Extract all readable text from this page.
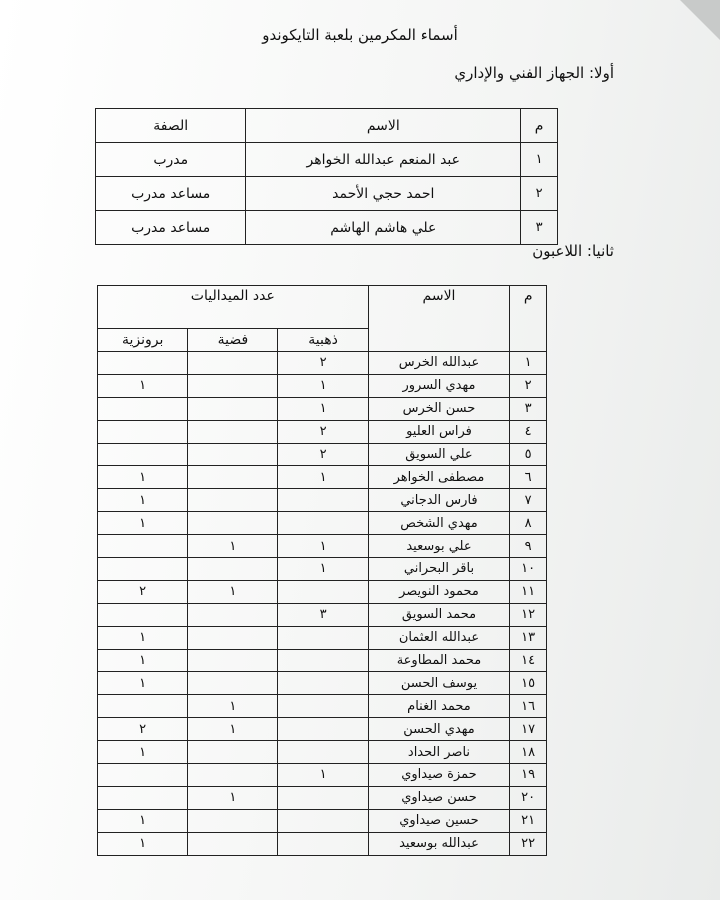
أسماء المكرمين بلعبة التايكوندو
أولا: الجهاز الفني والإداري
ثانيا: اللاعبون
م	الاسم	الصفة
١	عبد المنعم عبدالله الخواهر	مدرب
٢	احمد حجي الأحمد	مساعد مدرب
٣	علي هاشم الهاشم	مساعد مدرب
م	الاسم	عدد الميداليات		
		ذهبية	فضية	برونزية
١	عبدالله الخرس	٢		
٢	مهدي السرور	١		١
٣	حسن الخرس	١		
٤	فراس العليو	٢		
٥	علي السويق	٢		
٦	مصطفى الخواهر	١		١
٧	فارس الدجاني			١
٨	مهدي الشخص			١
٩	علي بوسعيد	١	١	
١٠	باقر البحراني	١		
١١	محمود النويصر		١	٢
١٢	محمد السويق	٣		
١٣	عبدالله العثمان			١
١٤	محمد المطاوعة			١
١٥	يوسف الحسن			١
١٦	محمد الغنام		١	
١٧	مهدي الحسن		١	٢
١٨	ناصر الحداد			١
١٩	حمزة صيداوي	١		
٢٠	حسن صيداوي		١	
٢١	حسين صيداوي			١
٢٢	عبدالله بوسعيد			١
